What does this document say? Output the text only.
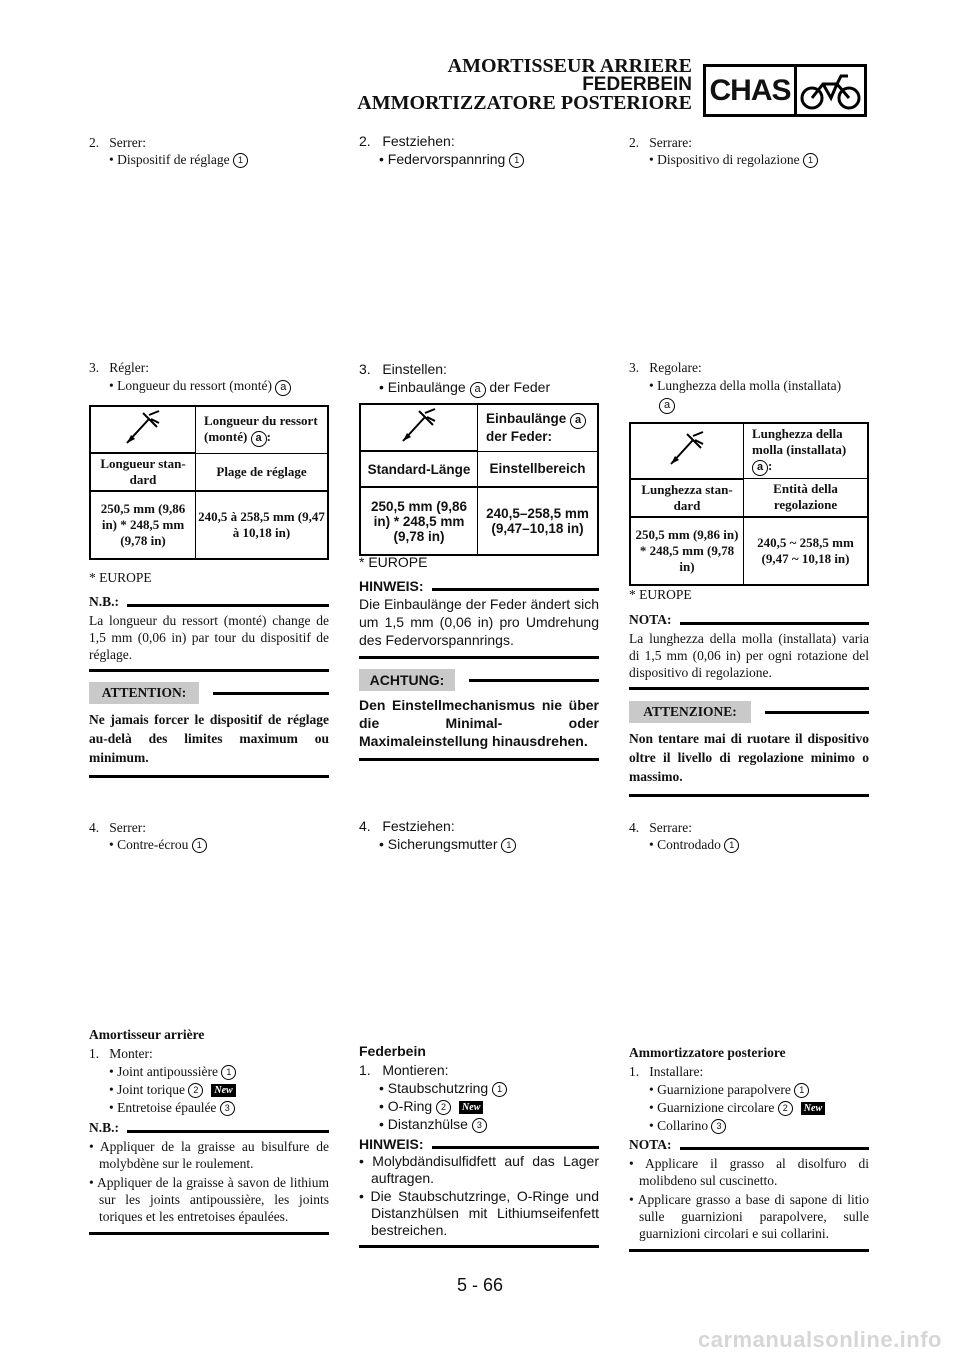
AMORTISSEUR ARRIERE
FEDERBEIN
AMMORTIZZATORE POSTERIORE CHAS
2.   Serrer:
• Dispositif de réglage 1
3.   Régler:
• Longueur du ressort (monté) a
	Longueur du ressort (monté) a :
Longueur stan-dard	Plage de réglage
250,5 mm (9,86 in) * 248,5 mm (9,78 in)	240,5 à 258,5 mm (9,47 à 10,18 in)
* EUROPE
N.B.:
La longueur du ressort (monté) change de 1,5 mm (0,06 in) par tour du dispositif de réglage.
ATTENTION:
Ne jamais forcer le dispositif de réglage au-delà des limites maximum ou minimum.
4.   Serrer:
• Contre-écrou 1
Amortisseur arrière
1.   Monter:
• Joint antipoussière 1
• Joint torique 2 New
• Entretoise épaulée 3
N.B.:
• Appliquer de la graisse au bisulfure de molybdène sur le roulement.
• Appliquer de la graisse à savon de lithium sur les joints antipoussière, les joints toriques et les entretoises épaulées.
2.   Festziehen:
• Federvorspannring 1
3.   Einstellen:
• Einbaulänge a der Feder
	Einbaulänge a der Feder:
Standard-Länge	Einstellbereich
250,5 mm (9,86 in) * 248,5 mm (9,78 in)	240,5–258,5 mm (9,47–10,18 in)
* EUROPE
HINWEIS:
Die Einbaulänge der Feder ändert sich um 1,5 mm (0,06 in) pro Umdrehung des Federvorspannrings.
ACHTUNG:
Den Einstellmechanismus nie über die Minimal- oder Maximaleinstellung hinausdrehen.
4.   Festziehen:
• Sicherungsmutter 1
Federbein
1.   Montieren:
• Staubschutzring 1
• O-Ring 2 New
• Distanzhülse 3
HINWEIS:
• Molybdändisulfidfett auf das Lager auftragen.
• Die Staubschutzringe, O-Ringe und Distanzhülsen mit Lithiumseifenfett bestreichen.
2.   Serrare:
• Dispositivo di regolazione 1
3.   Regolare:
• Lunghezza della molla (installata)
a
	Lunghezza della molla (installata) a :
Lunghezza stan-dard	Entità della regolazione
250,5 mm (9,86 in) * 248,5 mm (9,78 in)	240,5 ~ 258,5 mm (9,47 ~ 10,18 in)
* EUROPE
NOTA:
La lunghezza della molla (installata) varia di 1,5 mm (0,06 in) per ogni rotazione del dispositivo di regolazione.
ATTENZIONE:
Non tentare mai di ruotare il dispositivo oltre il livello di regolazione minimo o massimo.
4.   Serrare:
• Controdado 1
Ammortizzatore posteriore
1.   Installare:
• Guarnizione parapolvere 1
• Guarnizione circolare 2 New
• Collarino 3
NOTA:
• Applicare il grasso al disolfuro di molibdeno sul cuscinetto.
• Applicare grasso a base di sapone di litio sulle guarnizioni parapolvere, sulle guarnizioni circolari e sui collarini.
5 - 66
carmanualsonline.info
